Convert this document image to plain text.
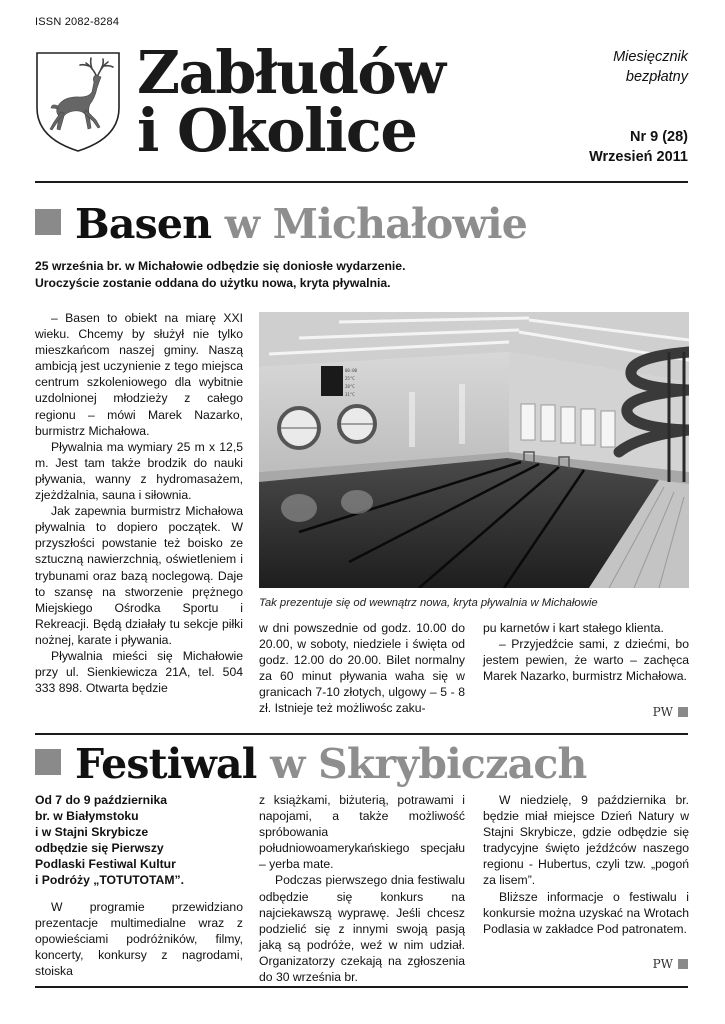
ISSN 2082-8284
Zabłudów
i Okolice
Miesięcznik
bezpłatny
Nr 9 (28)
Wrzesień 2011
Basen w Michałowie
25 września br. w Michałowie odbędzie się doniosłe wydarzenie.
Uroczyście zostanie oddana do użytku nowa, kryta pływalnia.

– Basen to obiekt na miarę XXI wieku. Chcemy by służył nie tylko mieszkańcom naszej gminy. Naszą ambicją jest uczynienie z tego miejsca centrum szkoleniowego dla wybitnie uzdolnionej młodzieży z całego regionu – mówi Marek Nazarko, burmistrz Michałowa.

Pływalnia ma wymiary 25 m x 12,5 m. Jest tam także brodzik do nauki pływania, wanny z hydromasażem, zjeżdżalnia, sauna i siłownia.

Jak zapewnia burmistrz Michałowa pływalnia to dopiero początek. W przyszłości powstanie też boisko ze sztuczną nawierzchnią, oświetleniem i trybunami oraz bazą noclegową. Daje to szansę na stworzenie prężnego Miejskiego Ośrodka Sportu i Rekreacji. Będą działały tu sekcje piłki nożnej, karate i pływania.

Pływalnia mieści się Michałowie przy ul. Sienkiewicza 21A, tel. 504 333 898. Otwarta będzie

00:00
25°C
28°C
31°C
Tak prezentuje się od wewnątrz nowa, kryta pływalnia w Michałowie

w dni powszednie od godz. 10.00 do 20.00, w soboty, niedziele i święta od godz. 12.00 do 20.00. Bilet normalny za 60 minut pływania waha się w granicach 7-10 złotych, ulgowy – 5 - 8 zł. Istnieje też możliwośc zaku-

pu karnetów i kart stałego klienta.

– Przyjedźcie sami, z dziećmi, bo jestem pewien, że warto – zachęca Marek Nazarko, burmistrz Michałowa.

PW
Festiwal w Skrybiczach
Od 7 do 9 października
br. w Białymstoku
i w Stajni Skrybicze
odbędzie się Pierwszy
Podlaski Festiwal Kultur
i Podróży „TOTUTOTAM”.

W programie przewidziano prezentacje multimedialne wraz z opowieściami podróżników, filmy, koncerty, konkursy z nagrodami, stoiska

z książkami, biżuterią, potrawami i napojami, a także możliwość spróbowania południowoamerykańskiego specjału – yerba mate.

Podczas pierwszego dnia festiwalu odbędzie się konkurs na najciekawszą wyprawę. Jeśli chcesz podzielić się z innymi swoją pasją jaką są podróże, weź w nim udział. Organizatorzy czekają na zgłoszenia do 30 września br.

W niedzielę, 9 października br. będzie miał miejsce Dzień Natury w Stajni Skrybicze, gdzie odbędzie się tradycyjne święto jeźdźców naszego regionu - Hubertus, czyli tzw. „pogoń za lisem”.

Bliższe informacje o festiwalu i konkursie można uzyskać na Wrotach Podlasia w zakładce Pod patronatem.

PW
